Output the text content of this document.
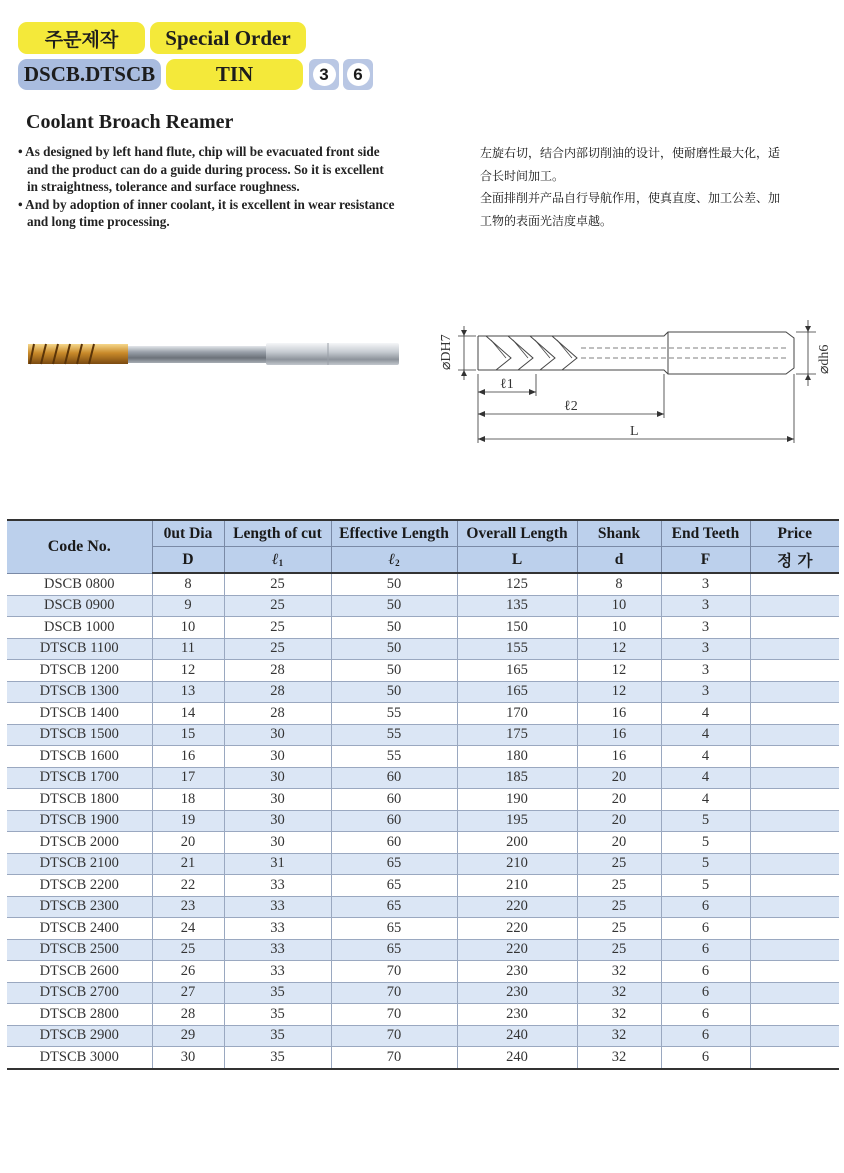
주문제작	Special Order
DSCB.DTSCB	TIN	3	6
Coolant Broach Reamer
• As designed by left hand flute, chip will be evacuated front side
and the product can do a guide during process. So it is excellent
in straightness, tolerance and surface roughness.
• And by adoption of inner coolant, it is excellent in wear resistance
and long time processing.
左旋右切，结合内部切削油的设计，使耐磨性最大化，适
合长时间加工。
全面排削并产品自行导航作用，使真直度、加工公差、加
工物的表面光洁度卓越。
⌀DH7
ℓ1
ℓ2
L
⌀dh6
Code No.	0ut Dia	Length of cut	Effective Length	Overall Length	Shank	End Teeth	Price
	D	ℓ$_1$	ℓ$_2$	L	d	F	정 가
DSCB 0800	8	25	50	125	8	3	
DSCB 0900	9	25	50	135	10	3	
DSCB 1000	10	25	50	150	10	3	
DTSCB 1100	11	25	50	155	12	3	
DTSCB 1200	12	28	50	165	12	3	
DTSCB 1300	13	28	50	165	12	3	
DTSCB 1400	14	28	55	170	16	4	
DTSCB 1500	15	30	55	175	16	4	
DTSCB 1600	16	30	55	180	16	4	
DTSCB 1700	17	30	60	185	20	4	
DTSCB 1800	18	30	60	190	20	4	
DTSCB 1900	19	30	60	195	20	5	
DTSCB 2000	20	30	60	200	20	5	
DTSCB 2100	21	31	65	210	25	5	
DTSCB 2200	22	33	65	210	25	5	
DTSCB 2300	23	33	65	220	25	6	
DTSCB 2400	24	33	65	220	25	6	
DTSCB 2500	25	33	65	220	25	6	
DTSCB 2600	26	33	70	230	32	6	
DTSCB 2700	27	35	70	230	32	6	
DTSCB 2800	28	35	70	230	32	6	
DTSCB 2900	29	35	70	240	32	6	
DTSCB 3000	30	35	70	240	32	6	
